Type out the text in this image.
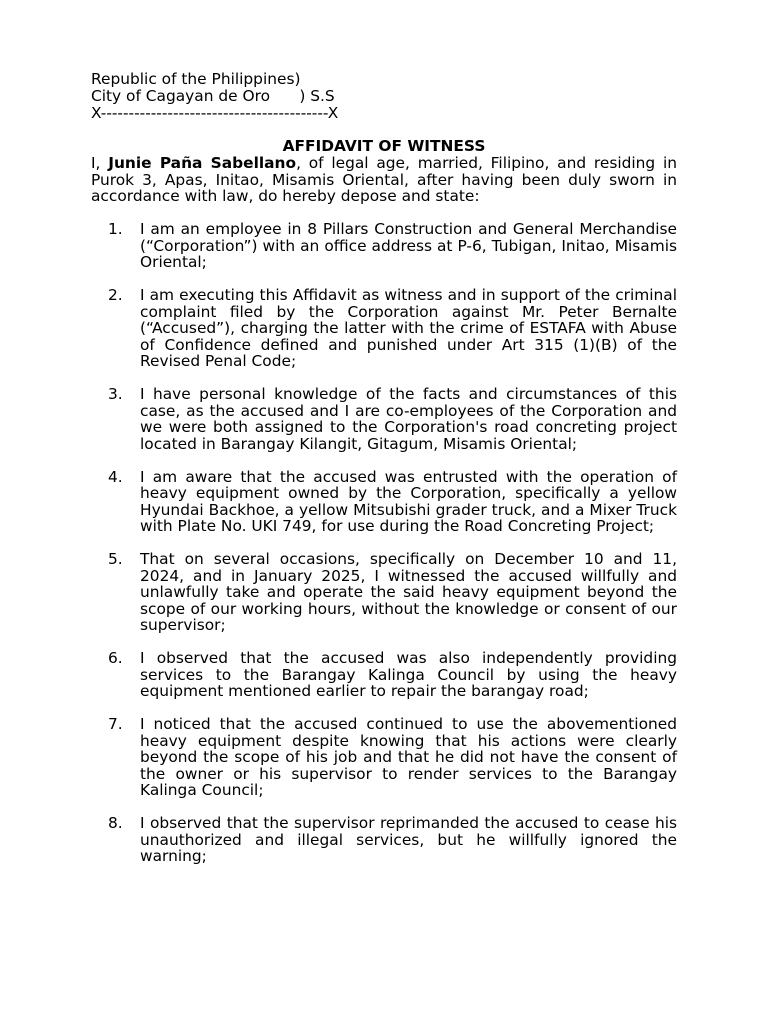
Republic of the Philippines)
City of Cagayan de Oro      ) S.S
X-----------------------------------------X
AFFIDAVIT OF WITNESS
I, Junie Paña Sabellano, of legal age, married, Filipino, and residing in Purok 3, Apas, Initao, Misamis Oriental, after having been duly sworn in accordance with law, do hereby depose and state:
1. I am an employee in 8 Pillars Construction and General Merchandise (“Corporation”) with an office address at P-6, Tubigan, Initao, Misamis Oriental;
2. I am executing this Affidavit as witness and in support of the criminal complaint filed by the Corporation against Mr. Peter Bernalte (“Accused”), charging the latter with the crime of ESTAFA with Abuse of Confidence defined and punished under Art 315 (1)(B) of the Revised Penal Code;
3. I have personal knowledge of the facts and circumstances of this case, as the accused and I are co-employees of the Corporation and we were both assigned to the Corporation's road concreting project located in Barangay Kilangit, Gitagum, Misamis Oriental;
4. I am aware that the accused was entrusted with the operation of heavy equipment owned by the Corporation, specifically a yellow Hyundai Backhoe, a yellow Mitsubishi grader truck, and a Mixer Truck with Plate No. UKI 749, for use during the Road Concreting Project;
5. That on several occasions, specifically on December 10 and 11, 2024, and in January 2025, I witnessed the accused willfully and unlawfully take and operate the said heavy equipment beyond the scope of our working hours, without the knowledge or consent of our supervisor;
6. I observed that the accused was also independently providing services to the Barangay Kalinga Council by using the heavy equipment mentioned earlier to repair the barangay road;
7. I noticed that the accused continued to use the abovementioned heavy equipment despite knowing that his actions were clearly beyond the scope of his job and that he did not have the consent of the owner or his supervisor to render services to the Barangay Kalinga Council;
8. I observed that the supervisor reprimanded the accused to cease his unauthorized and illegal services, but he willfully ignored the warning;
